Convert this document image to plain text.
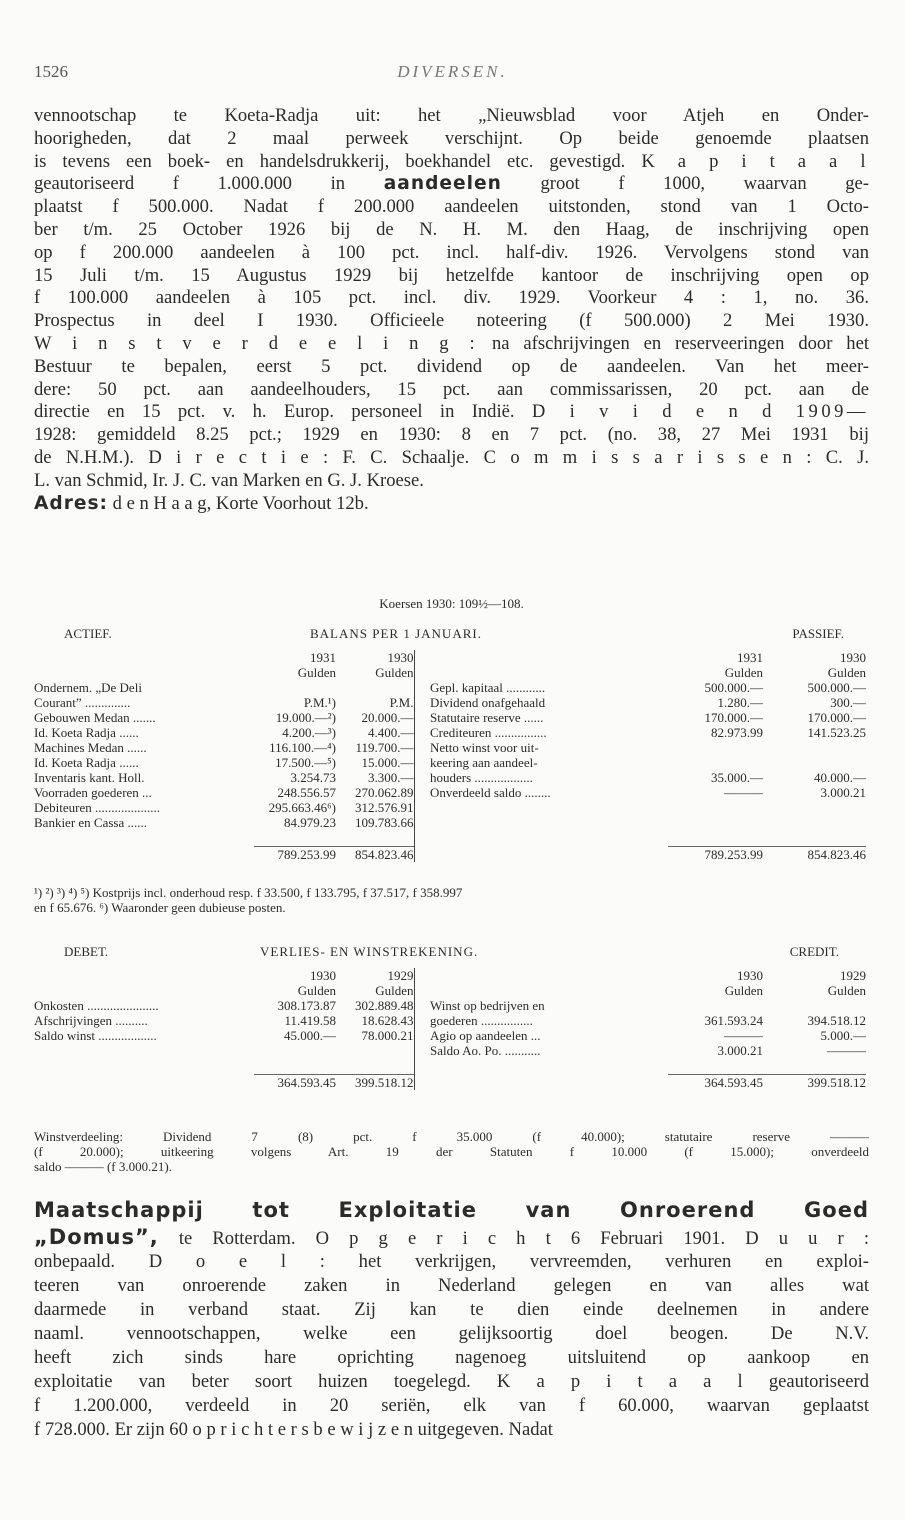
1526	DIVERSEN.
vennootschap te Koeta-Radja uit: het „Nieuwsblad voor Atjeh en Onder-
hoorigheden, dat 2 maal perweek verschijnt. Op beide genoemde plaatsen
is tevens een boek- en handelsdrukkerij, boekhandel etc. gevestigd. K a p i t a a l
geautoriseerd f 1.000.000 in aandeelen groot f 1000, waarvan ge-
plaatst f 500.000. Nadat f 200.000 aandeelen uitstonden, stond van 1 Octo-
ber t/m. 25 October 1926 bij de N. H. M. den Haag, de inschrijving open
op f 200.000 aandeelen à 100 pct. incl. half-div. 1926. Vervolgens stond van
15 Juli t/m. 15 Augustus 1929 bij hetzelfde kantoor de inschrijving open op
f 100.000 aandeelen à 105 pct. incl. div. 1929. Voorkeur 4 : 1, no. 36.
Prospectus in deel I 1930. Officieele noteering (f 500.000) 2 Mei 1930.
W i n s t v e r d e e l i n g : na afschrijvingen en reserveeringen door het
Bestuur te bepalen, eerst 5 pct. dividend op de aandeelen. Van het meer-
dere: 50 pct. aan aandeelhouders, 15 pct. aan commissarissen, 20 pct. aan de
directie en 15 pct. v. h. Europ. personeel in Indië. D i v i d e n d 1909—
1928: gemiddeld 8.25 pct.; 1929 en 1930: 8 en 7 pct. (no. 38, 27 Mei 1931 bij
de N.H.M.). D i r e c t i e : F. C. Schaalje. C o m m i s s a r i s s e n : C. J.
L. van Schmid, Ir. J. C. van Marken en G. J. Kroese.
Adres: d e n H a a g, Korte Voorhout 12b.
Koersen 1930: 109½—108.
ACTIEF.	BALANS PER 1 JANUARI.	PASSIEF.
	1931	1930			1931	1930
	Gulden	Gulden			Gulden	Gulden
Ondernem. „De Deli				Gepl. kapitaal ............	500.000.—	500.000.—
Courant” ..............	P.M.¹)	P.M.		Dividend onafgehaald	1.280.—	300.—
Gebouwen Medan .......	19.000.—²)	20.000.—		Statutaire reserve ......	170.000.—	170.000.—
Id. Koeta Radja ......	4.200.—³)	4.400.—		Crediteuren ................	82.973.99	141.523.25
Machines Medan ......	116.100.—⁴)	119.700.—		Netto winst voor uit-		
Id. Koeta Radja ......	17.500.—⁵)	15.000.—		keering aan aandeel-		
Inventaris kant. Holl.	3.254.73	3.300.—		houders ..................	35.000.—	40.000.—
Voorraden goederen ...	248.556.57	270.062.89		Onverdeeld saldo ........	———	3.000.21
Debiteuren ....................	295.663.46⁶)	312.576.91				
Bankier en Cassa ......	84.979.23	109.783.66				

	789.253.99	854.823.46			789.253.99	854.823.46
¹) ²) ³) ⁴) ⁵) Kostprijs incl. onderhoud resp. f 33.500, f 133.795, f 37.517, f 358.997
en f 65.676. ⁶) Waaronder geen dubieuse posten.
DEBET.	VERLIES- EN WINSTREKENING.	CREDIT.
	1930	1929			1930	1929
	Gulden	Gulden			Gulden	Gulden
Onkosten ......................	308.173.87	302.889.48		Winst op bedrijven en		
Afschrijvingen ..........	11.419.58	18.628.43		goederen ................	361.593.24	394.518.12
Saldo winst ..................	45.000.—	78.000.21		Agio op aandeelen ...	———	5.000.—
				Saldo Ao. Po. ...........	3.000.21	———

	364.593.45	399.518.12			364.593.45	399.518.12
Winstverdeeling: Dividend 7 (8) pct. f 35.000 (f 40.000); statutaire reserve ———
(f 20.000); uitkeering volgens Art. 19 der Statuten f 10.000 (f 15.000); onverdeeld
saldo ——— (f 3.000.21).
Maatschappij tot Exploitatie van Onroerend Goed
„Domus”, te Rotterdam. O p g e r i c h t 6 Februari 1901. D u u r :
onbepaald. D o e l : het verkrijgen, vervreemden, verhuren en exploi-
teeren van onroerende zaken in Nederland gelegen en van alles wat
daarmede in verband staat. Zij kan te dien einde deelnemen in andere
naaml. vennootschappen, welke een gelijksoortig doel beogen. De N.V.
heeft zich sinds hare oprichting nagenoeg uitsluitend op aankoop en
exploitatie van beter soort huizen toegelegd. K a p i t a a l geautoriseerd
f 1.200.000, verdeeld in 20 seriën, elk van f 60.000, waarvan geplaatst
f 728.000. Er zijn 60 o p r i c h t e r s b e w i j z e n uitgegeven. Nadat
